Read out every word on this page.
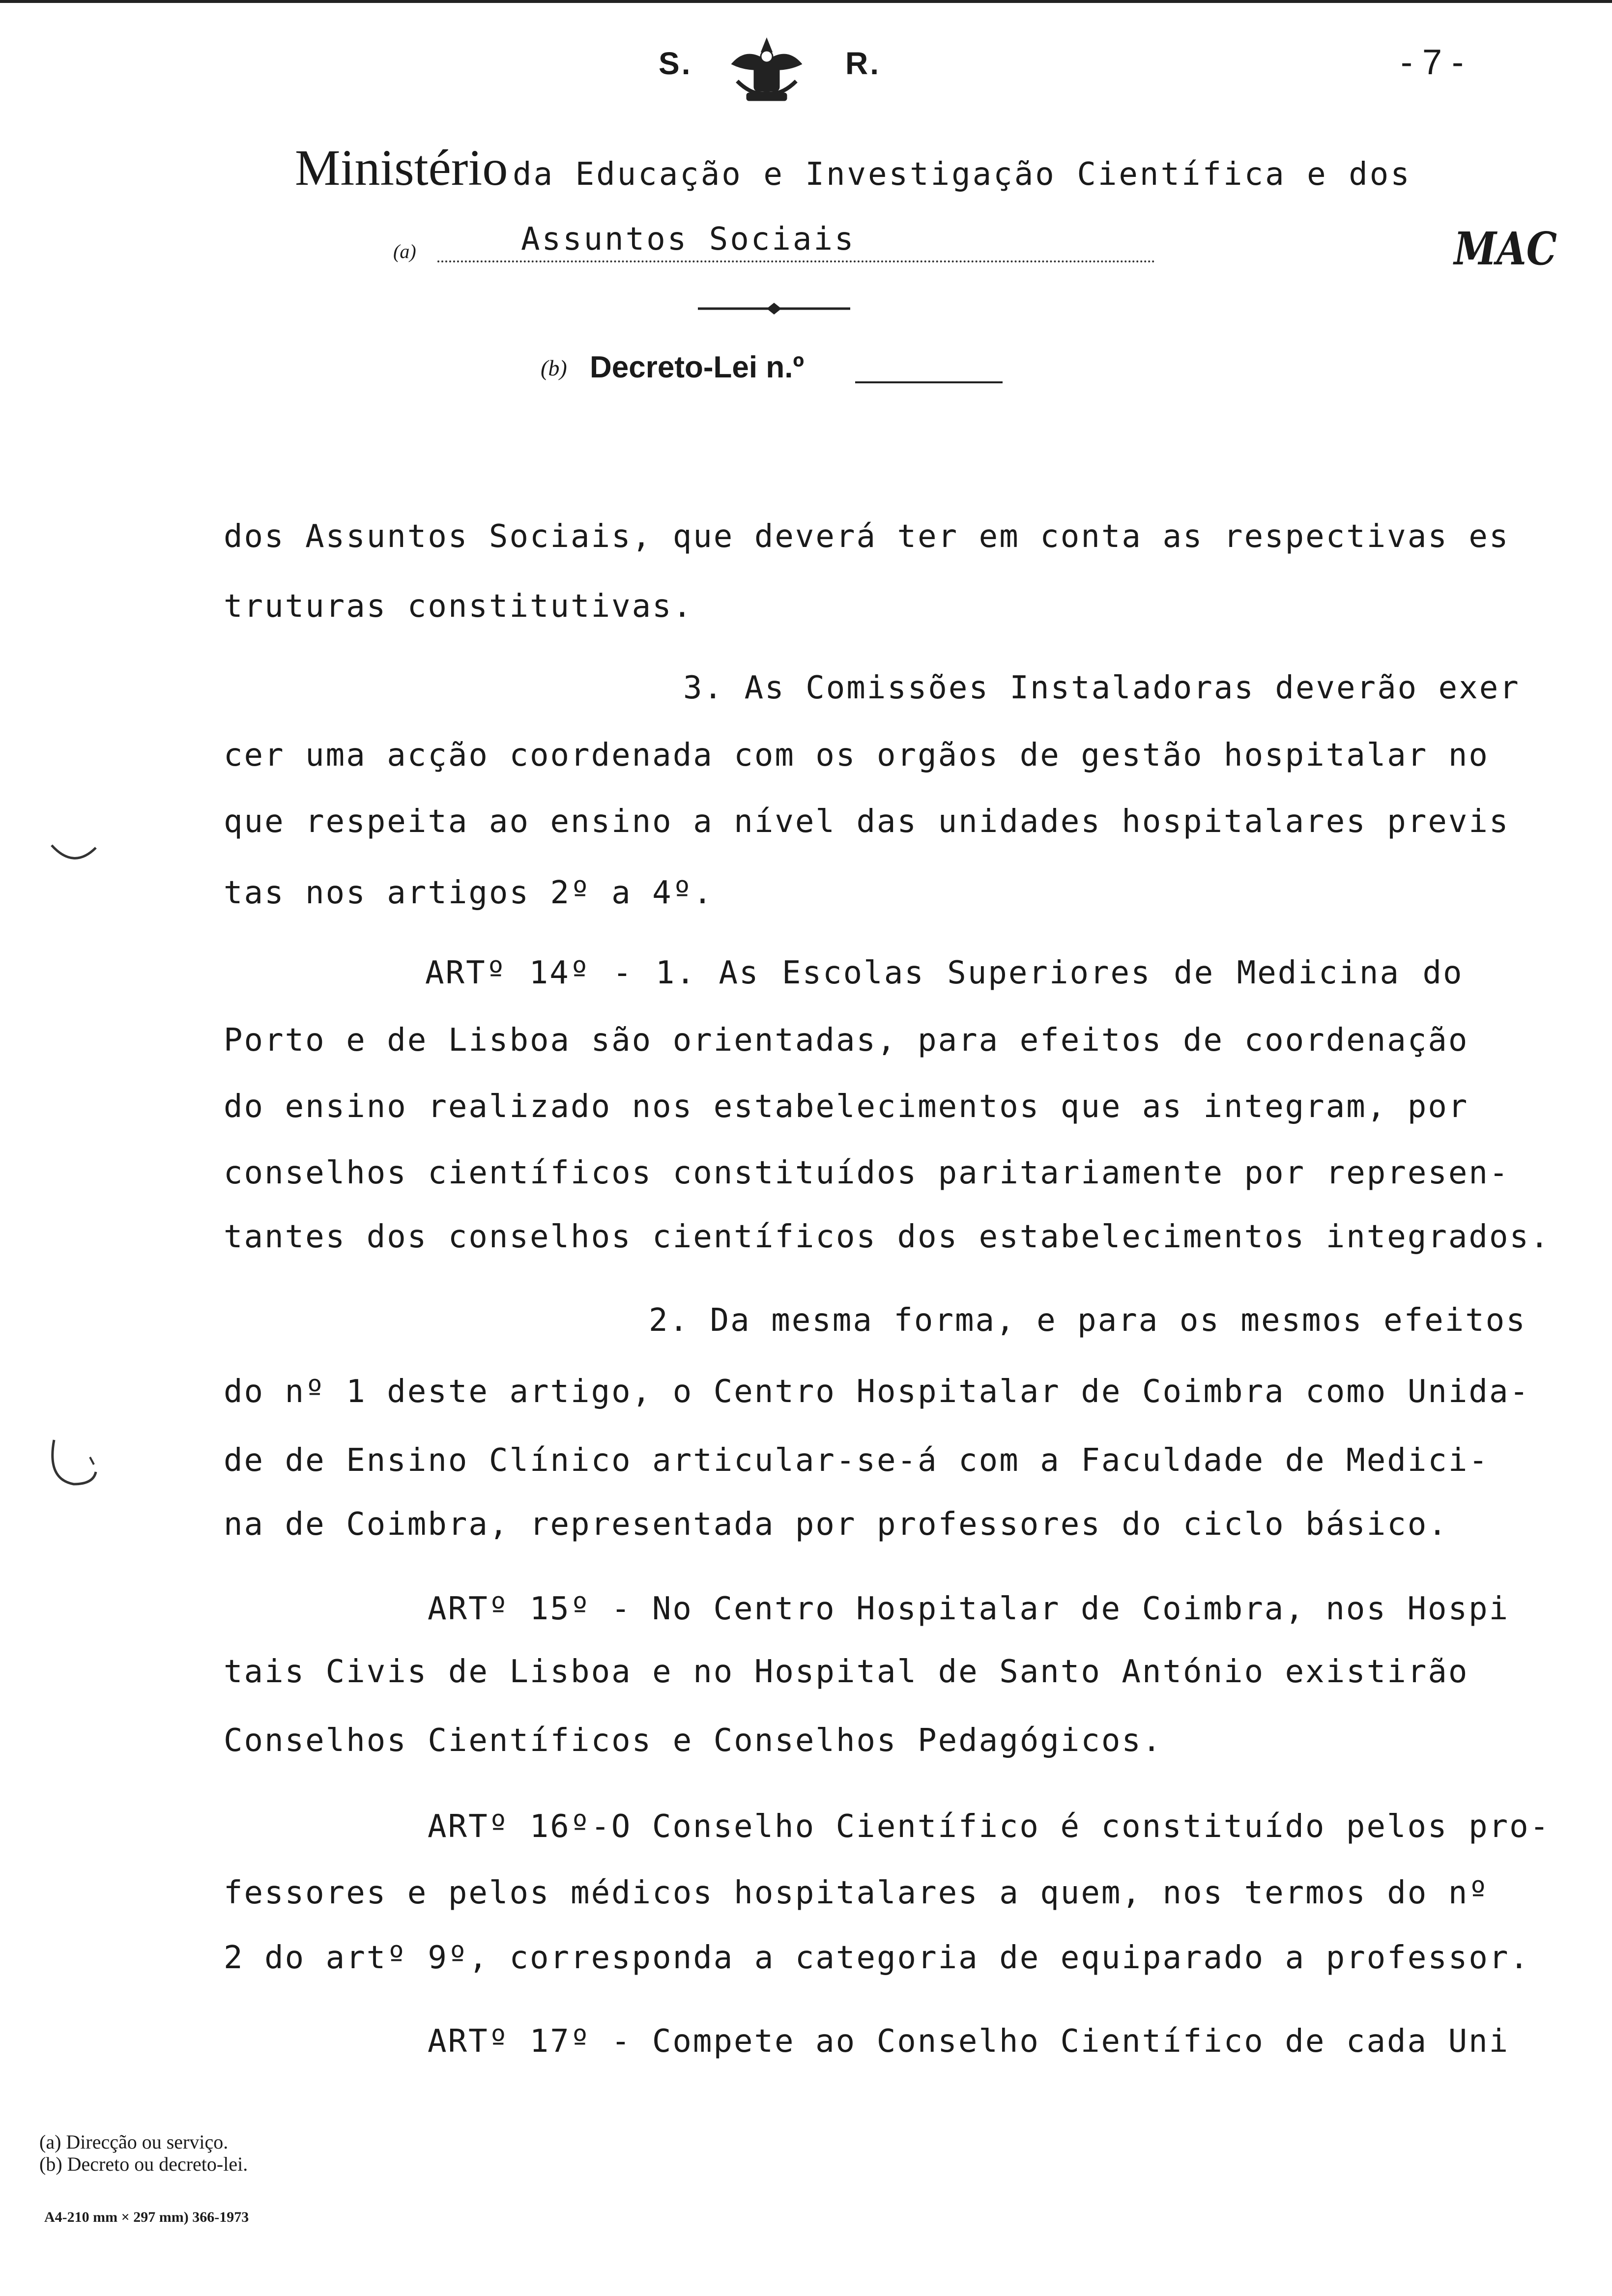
S.	R.	- 7 -
Ministério da Educação e Investigação Científica e dos
(a)	Assuntos Sociais	MAC
(b) Decreto-Lei n.º
dos Assuntos Sociais, que deverá ter em conta as respectivas es
truturas constitutivas.
3. As Comissões Instaladoras deverão exer
cer uma acção coordenada com os orgãos de gestão hospitalar no
que respeita ao ensino a nível das unidades hospitalares previs
tas nos artigos 2º a 4º.
ARTº 14º - 1. As Escolas Superiores de Medicina do
Porto e de Lisboa são orientadas, para efeitos de coordenação
do ensino realizado nos estabelecimentos que as integram, por
conselhos científicos constituídos paritariamente por represen-
tantes dos conselhos científicos dos estabelecimentos integrados.
2. Da mesma forma, e para os mesmos efeitos
do nº 1 deste artigo, o Centro Hospitalar de Coimbra como Unida-
de de Ensino Clínico articular-se-á com a Faculdade de Medici-
na de Coimbra, representada por professores do ciclo básico.
ARTº 15º - No Centro Hospitalar de Coimbra, nos Hospi
tais Civis de Lisboa e no Hospital de Santo António existirão
Conselhos Científicos e Conselhos Pedagógicos.
ARTº 16º-O Conselho Científico é constituído pelos pro-
fessores e pelos médicos hospitalares a quem, nos termos do nº
2 do artº 9º, corresponda a categoria de equiparado a professor.
ARTº 17º - Compete ao Conselho Científico de cada Uni
(a) Direcção ou serviço.
(b) Decreto ou decreto-lei.
A4-210 mm × 297 mm) 366-1973
